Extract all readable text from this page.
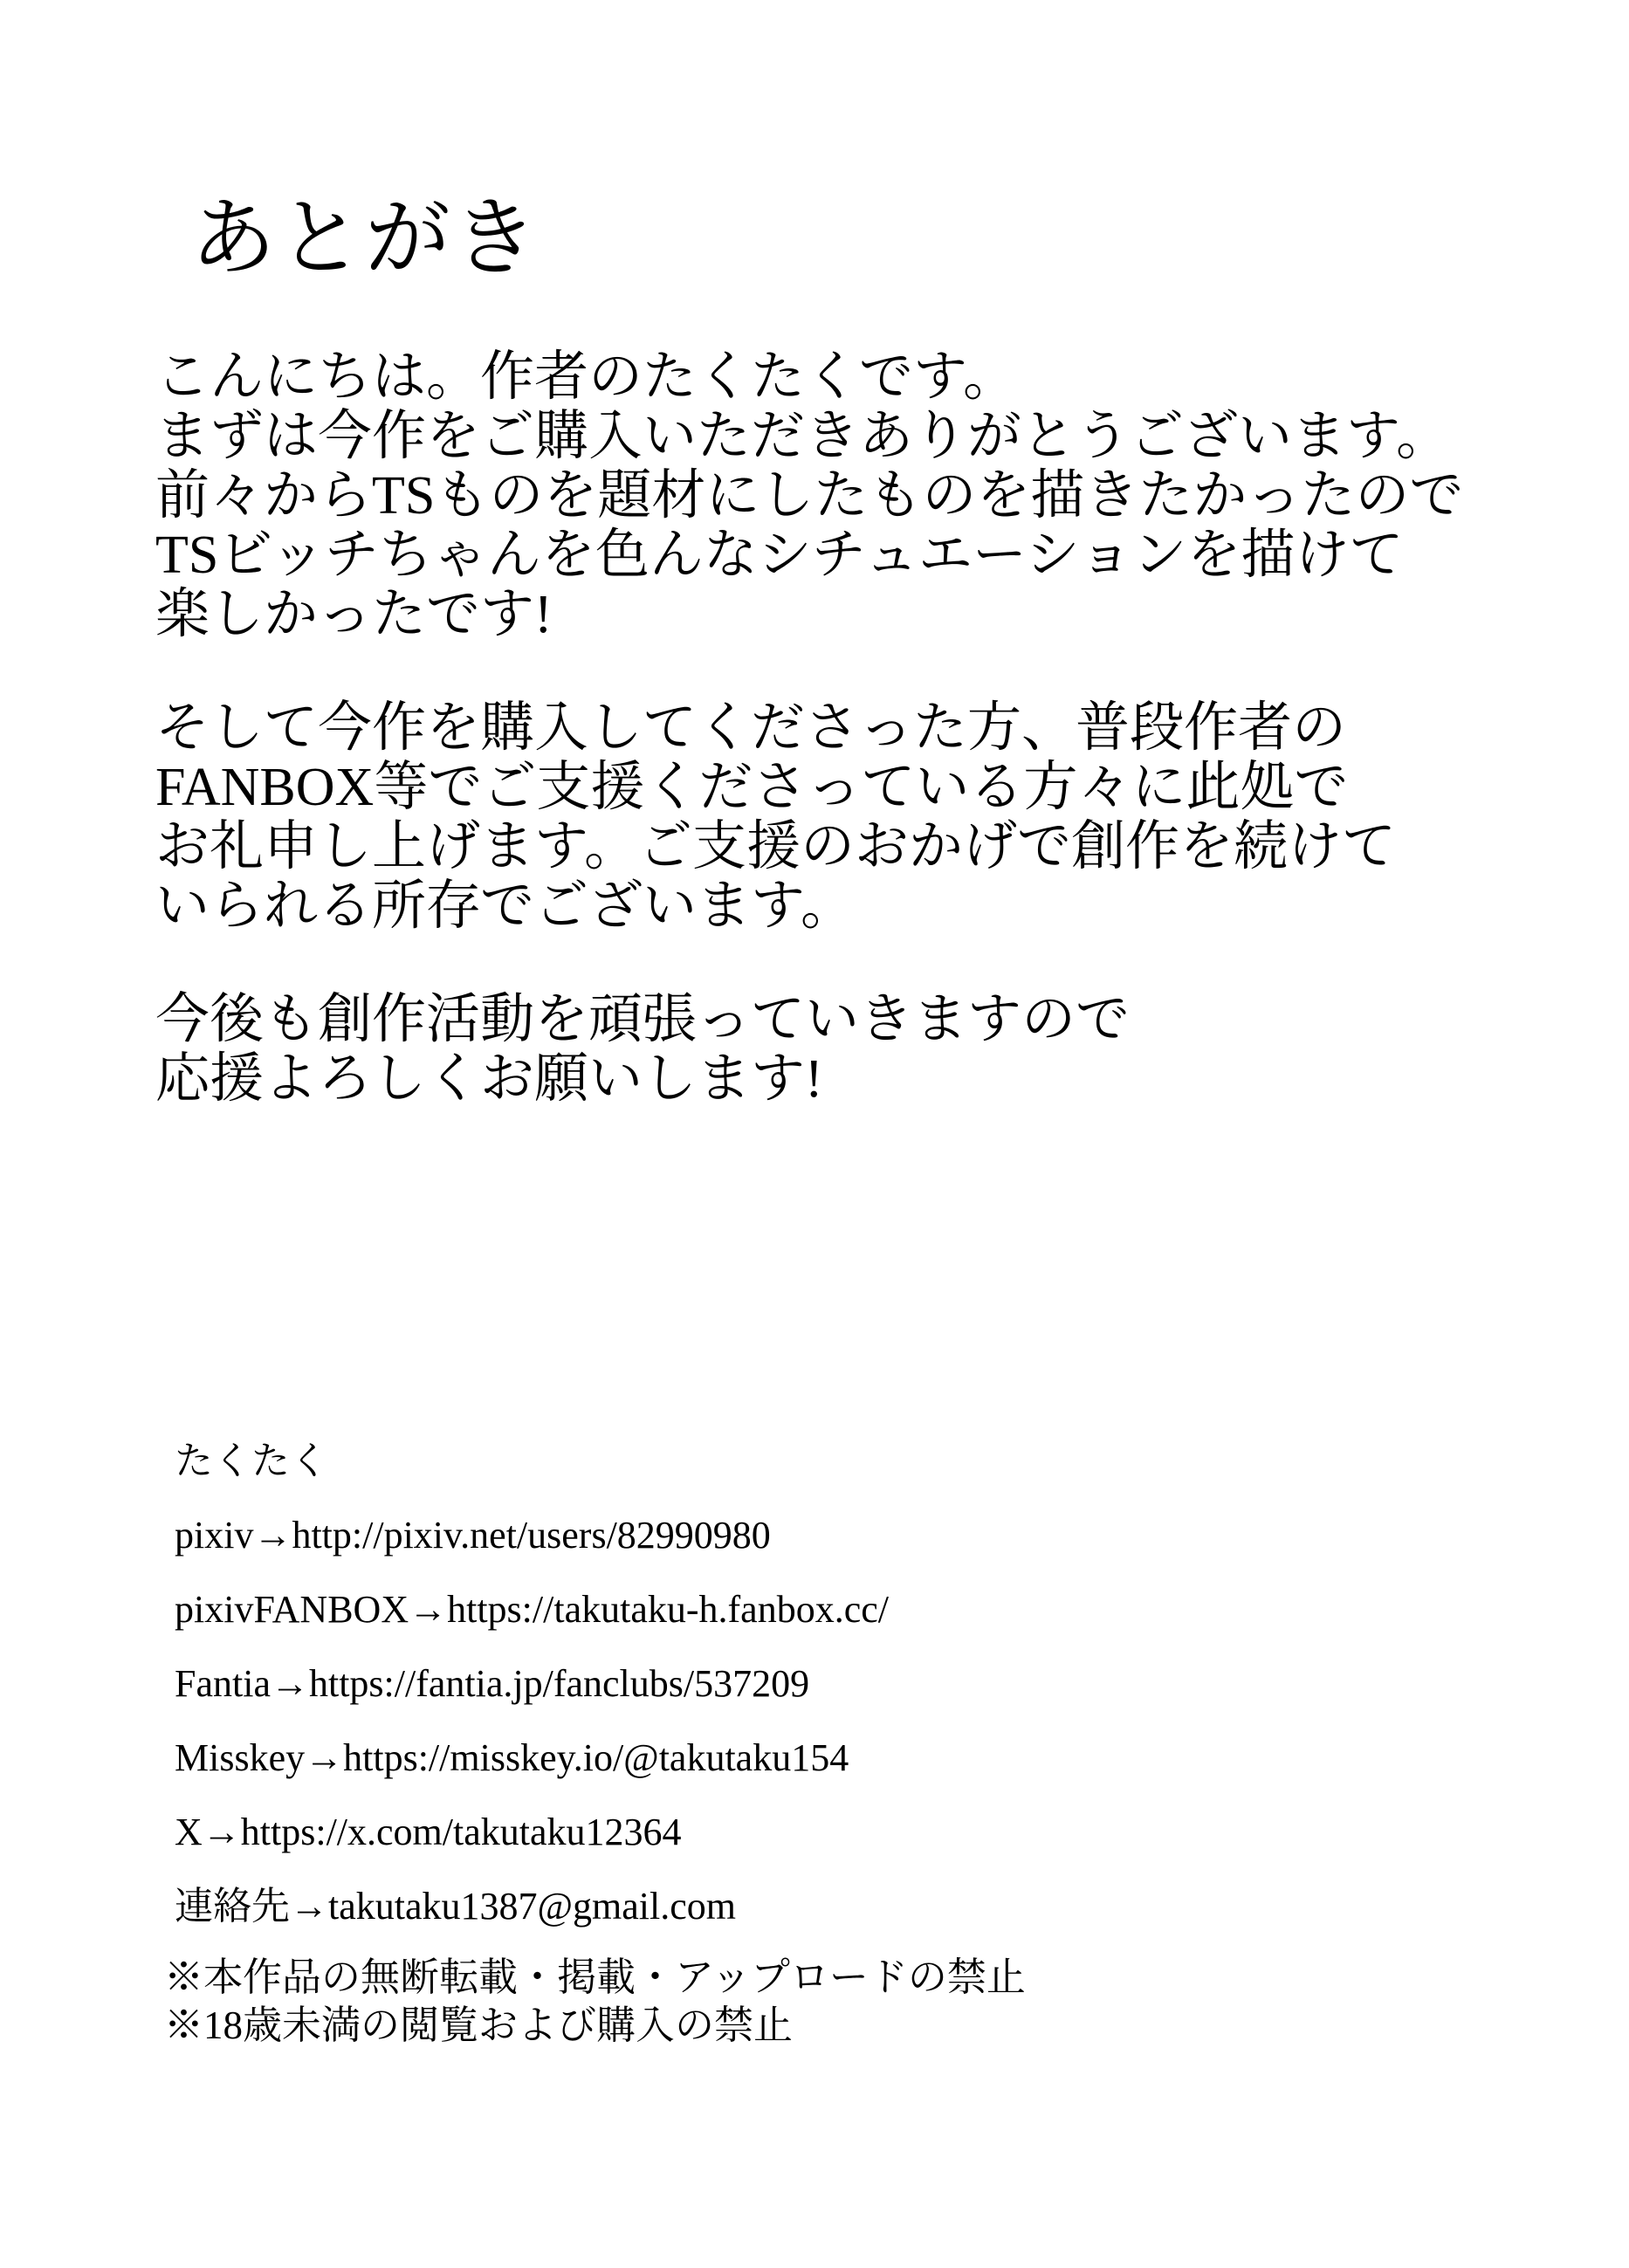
あとがき
こんにちは。作者のたくたくです。
まずは今作をご購入いただきありがとうございます。
前々からTSものを題材にしたものを描きたかったので
TSビッチちゃんを色んなシチュエーションを描けて
楽しかったです!
そして今作を購入してくださった方、普段作者の
FANBOX等でご支援くださっている方々に此処で
お礼申し上げます。ご支援のおかげで創作を続けて
いられる所存でございます。
今後も創作活動を頑張っていきますので
応援よろしくお願いします!
たくたく
pixiv→http://pixiv.net/users/82990980
pixivFANBOX→https://takutaku-h.fanbox.cc/
Fantia→https://fantia.jp/fanclubs/537209
Misskey→https://misskey.io/@takutaku154
X→https://x.com/takutaku12364
連絡先→takutaku1387@gmail.com
※本作品の無断転載・掲載・アップロードの禁止
※18歳未満の閲覧および購入の禁止
